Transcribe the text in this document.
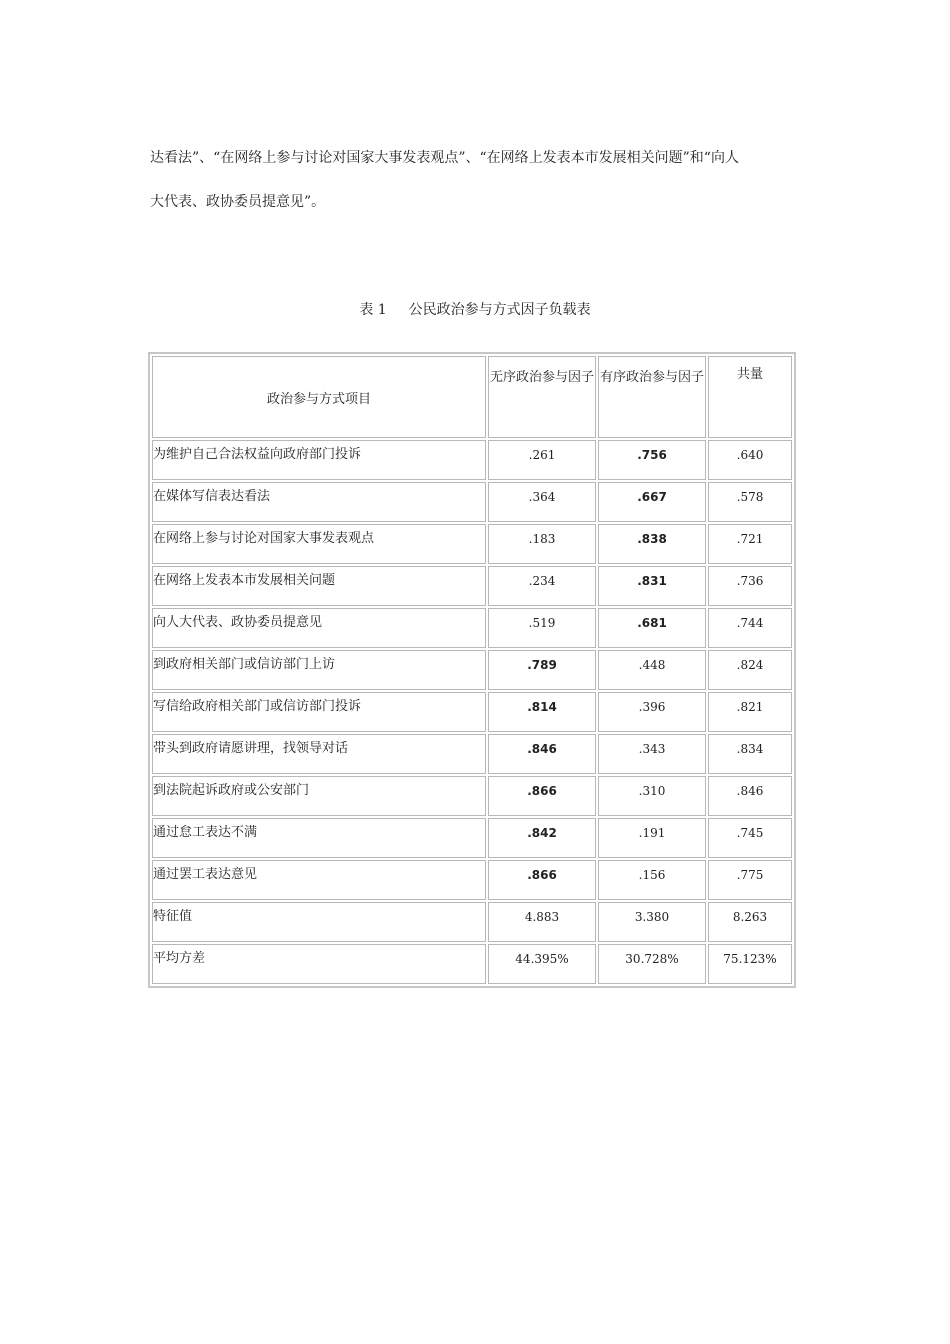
达看法”、“在网络上参与讨论对国家大事发表观点”、“在网络上发表本市发展相关问题”和“向人
大代表、政协委员提意见”。
表 1 公民政治参与方式因子负载表
政治参与方式项目	无序政治参与因子	有序政治参与因子	共量
为维护自己合法权益向政府部门投诉	.261	.756	.640
在媒体写信表达看法	.364	.667	.578
在网络上参与讨论对国家大事发表观点	.183	.838	.721
在网络上发表本市发展相关问题	.234	.831	.736
向人大代表、政协委员提意见	.519	.681	.744
到政府相关部门或信访部门上访	.789	.448	.824
写信给政府相关部门或信访部门投诉	.814	.396	.821
带头到政府请愿讲理，找领导对话	.846	.343	.834
到法院起诉政府或公安部门	.866	.310	.846
通过怠工表达不满	.842	.191	.745
通过罢工表达意见	.866	.156	.775
特征值	4.883	3.380	8.263
平均方差	44.395%	30.728%	75.123%
